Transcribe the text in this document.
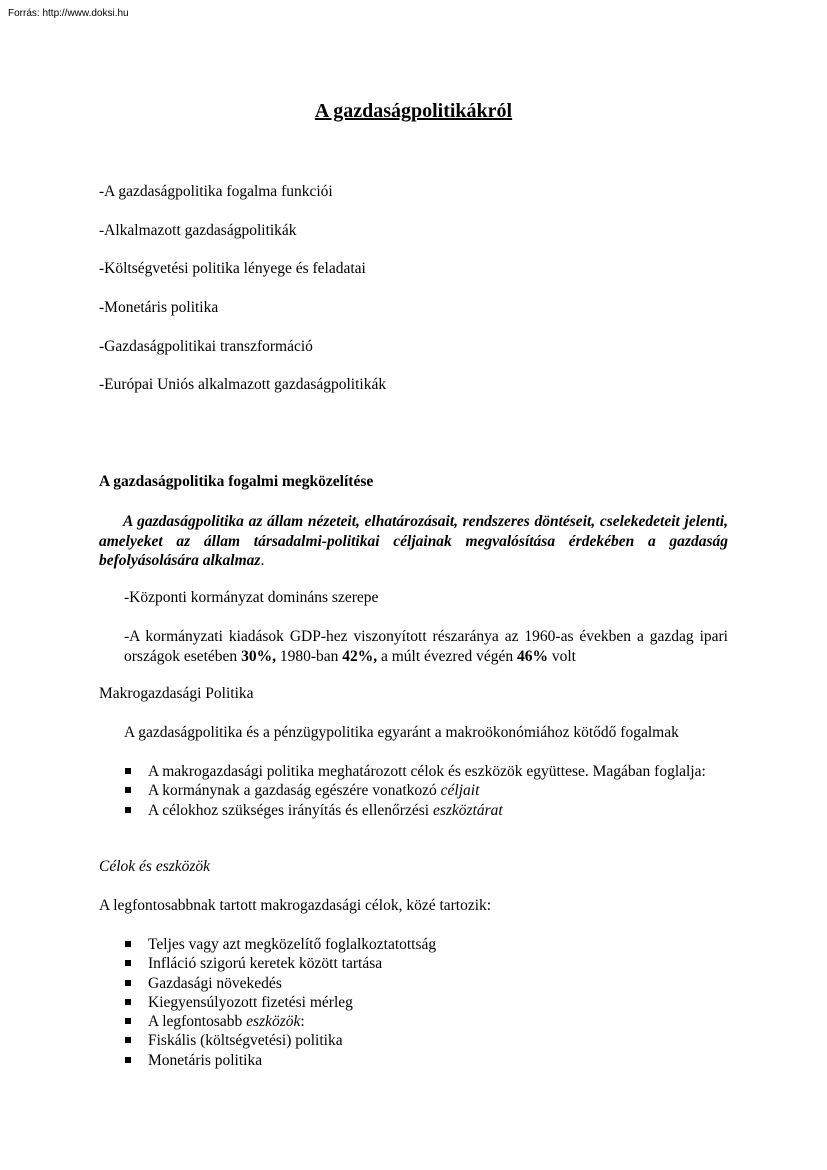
Forrás: http://www.doksi.hu
A gazdaságpolitikákról
-A gazdaságpolitika fogalma funkciói
-Alkalmazott gazdaságpolitikák
-Költségvetési politika lényege és feladatai
-Monetáris politika
-Gazdaságpolitikai transzformáció
-Európai Uniós alkalmazott gazdaságpolitikák
A gazdaságpolitika fogalmi megközelítése

A gazdaságpolitika az állam nézeteit, elhatározásait, rendszeres döntéseit, cselekedeteit jelenti, amelyeket az állam társadalmi-politikai céljainak megvalósítása érdekében a gazdaság befolyásolására alkalmaz.

-Központi kormányzat domináns szerepe

-A kormányzati kiadások GDP-hez viszonyított részaránya az 1960-as években a gazdag ipari országok esetében 30%, 1980-ban 42%, a múlt évezred végén 46% volt

Makrogazdasági Politika
A gazdaságpolitika és a pénzügypolitika egyaránt a makroökonómiához kötődő fogalmak
A makrogazdasági politika meghatározott célok és eszközök együttese. Magában foglalja:
A kormánynak a gazdaság egészére vonatkozó céljait
A célokhoz szükséges irányítás és ellenőrzési eszköztárat
Célok és eszközök
A legfontosabbnak tartott makrogazdasági célok, közé tartozik:
Teljes vagy azt megközelítő foglalkoztatottság
Infláció szigorú keretek között tartása
Gazdasági növekedés
Kiegyensúlyozott fizetési mérleg
A legfontosabb eszközök:
Fiskális (költségvetési) politika
Monetáris politika
